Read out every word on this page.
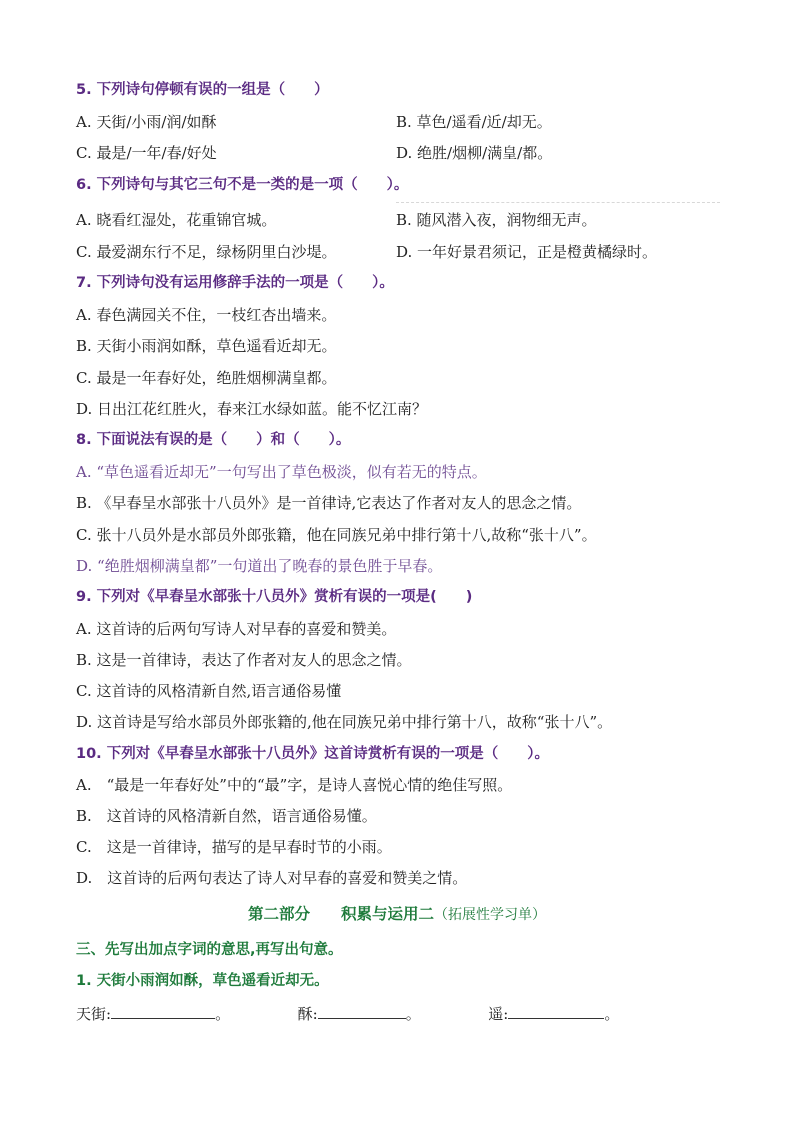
5. 下列诗句停顿有误的一组是（　　）
A. 天街/小雨/润/如酥	B. 草色/遥看/近/却无。
C. 最是/一年/春/好处	D. 绝胜/烟柳/满皇/都。
6. 下列诗句与其它三句不是一类的是一项（　　）。
A. 晓看红湿处，花重锦官城。	B. 随风潜入夜，润物细无声。
C. 最爱湖东行不足，绿杨阴里白沙堤。	D. 一年好景君须记，正是橙黄橘绿时。
7. 下列诗句没有运用修辞手法的一项是（　　）。
A. 春色满园关不住，一枝红杏出墙来。
B. 天街小雨润如酥，草色遥看近却无。
C. 最是一年春好处，绝胜烟柳满皇都。
D. 日出江花红胜火，春来江水绿如蓝。能不忆江南？
8. 下面说法有误的是（　　）和（　　）。
A. “草色遥看近却无”一句写出了草色极淡，似有若无的特点。
B. 《早春呈水部张十八员外》是一首律诗,它表达了作者对友人的思念之情。
C. 张十八员外是水部员外郎张籍，他在同族兄弟中排行第十八,故称“张十八”。
D. “绝胜烟柳满皇都”一句道出了晚春的景色胜于早春。
9. 下列对《早春呈水部张十八员外》赏析有误的一项是(　　)
A. 这首诗的后两句写诗人对早春的喜爱和赞美。
B. 这是一首律诗，表达了作者对友人的思念之情。
C. 这首诗的风格清新自然,语言通俗易懂
D. 这首诗是写给水部员外郎张籍的,他在同族兄弟中排行第十八，故称“张十八”。
10. 下列对《早春呈水部张十八员外》这首诗赏析有误的一项是（　　）。
A.　“最是一年春好处”中的“最”字，是诗人喜悦心情的绝佳写照。
B.　这首诗的风格清新自然，语言通俗易懂。
C.　这是一首律诗，描写的是早春时节的小雨。
D.　这首诗的后两句表达了诗人对早春的喜爱和赞美之情。
第二部分　　积累与运用二（拓展性学习单）
三、先写出加点字词的意思,再写出句意。
1. 天街小雨润如酥，草色遥看近却无。
天街:	。	酥:	。	遥:	。
